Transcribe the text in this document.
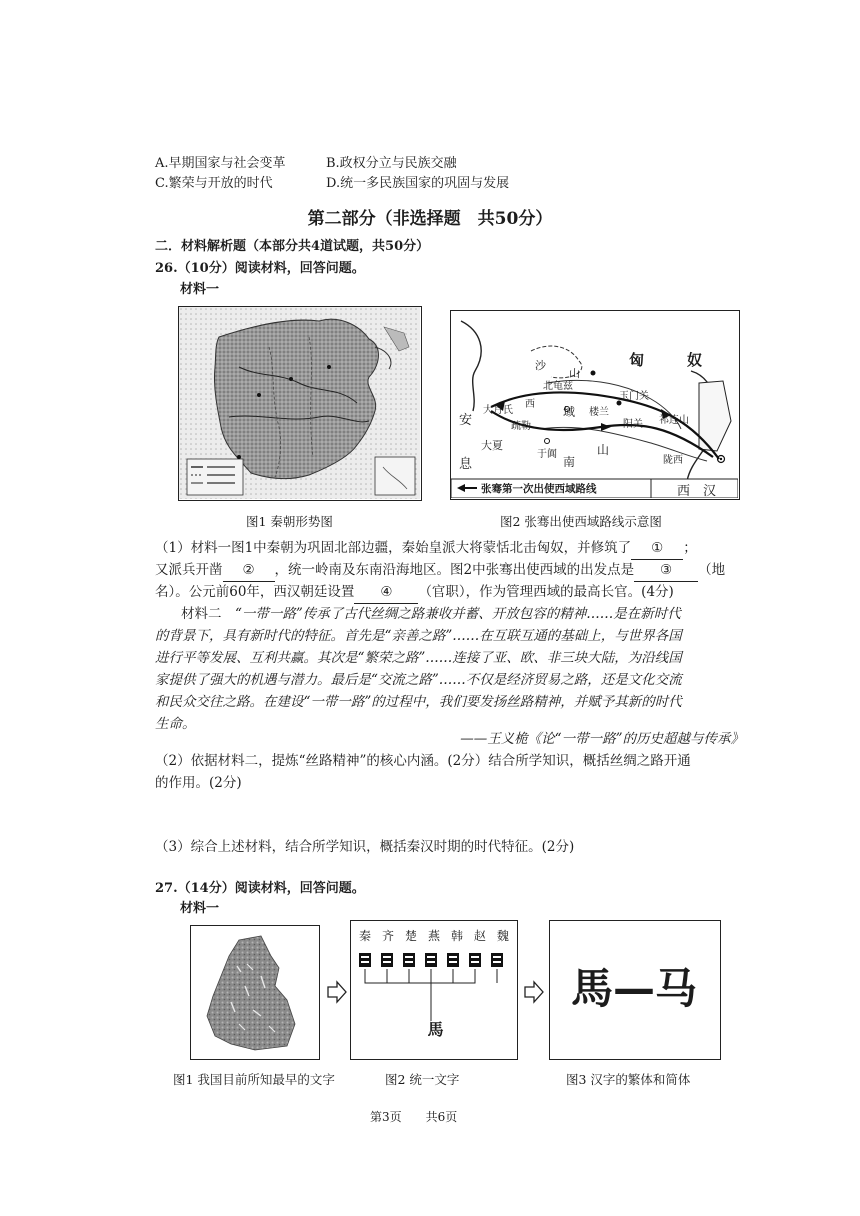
A.早期国家与社会变革	B.政权分立与民族交融
C.繁荣与开放的时代	D.统一多民族国家的巩固与发展
第二部分（非选择题　共50分）
二．材料解析题（本部分共4道试题，共50分）
26.（10分）阅读材料，回答问题。
材料一
匈	奴
沙
山
北龟兹
玉门关
安
大月氏
西
域 楼兰
祁连山
疏勒	阳关
大夏
息
于阗
南
山
陇西
张骞第一次出使西域路线	西　汉
图1 秦朝形势图	图2 张骞出使西域路线示意图
（1）材料一图1中秦朝为巩固北部边疆，秦始皇派大将蒙恬北击匈奴，并修筑了 ① ；
又派兵开凿 ② ，统一岭南及东南沿海地区。图2中张骞出使西域的出发点是 ③ （地
名）。公元前60年，西汉朝廷设置 ④ （官职），作为管理西域的最高长官。(4分)
材料二　 “一带一路”传承了古代丝绸之路兼收并蓄、开放包容的精神……是在新时代
的背景下，具有新时代的特征。首先是“亲善之路”……在互联互通的基础上，与世界各国
进行平等发展、互利共赢。其次是“繁荣之路”……连接了亚、欧、非三块大陆，为沿线国
家提供了强大的机遇与潜力。最后是“交流之路”……不仅是经济贸易之路，还是文化交流
和民众交往之路。在建设“一带一路”的过程中，我们要发扬丝路精神，并赋予其新的时代
生命。
——王义桅《论“一带一路”的历史超越与传承》
（2）依据材料二，提炼“丝路精神”的核心内涵。(2分）结合所学知识，概括丝绸之路开通
的作用。(2分)
（3）综合上述材料，结合所学知识，概括秦汉时期的时代特征。(2分)
27.（14分）阅读材料，回答问题。
材料一
秦 齐 楚 燕 韩 赵 魏
馬
馬—马
图1 我国目前所知最早的文字	图2 统一文字	图3 汉字的繁体和简体
第3页　　 共6页
